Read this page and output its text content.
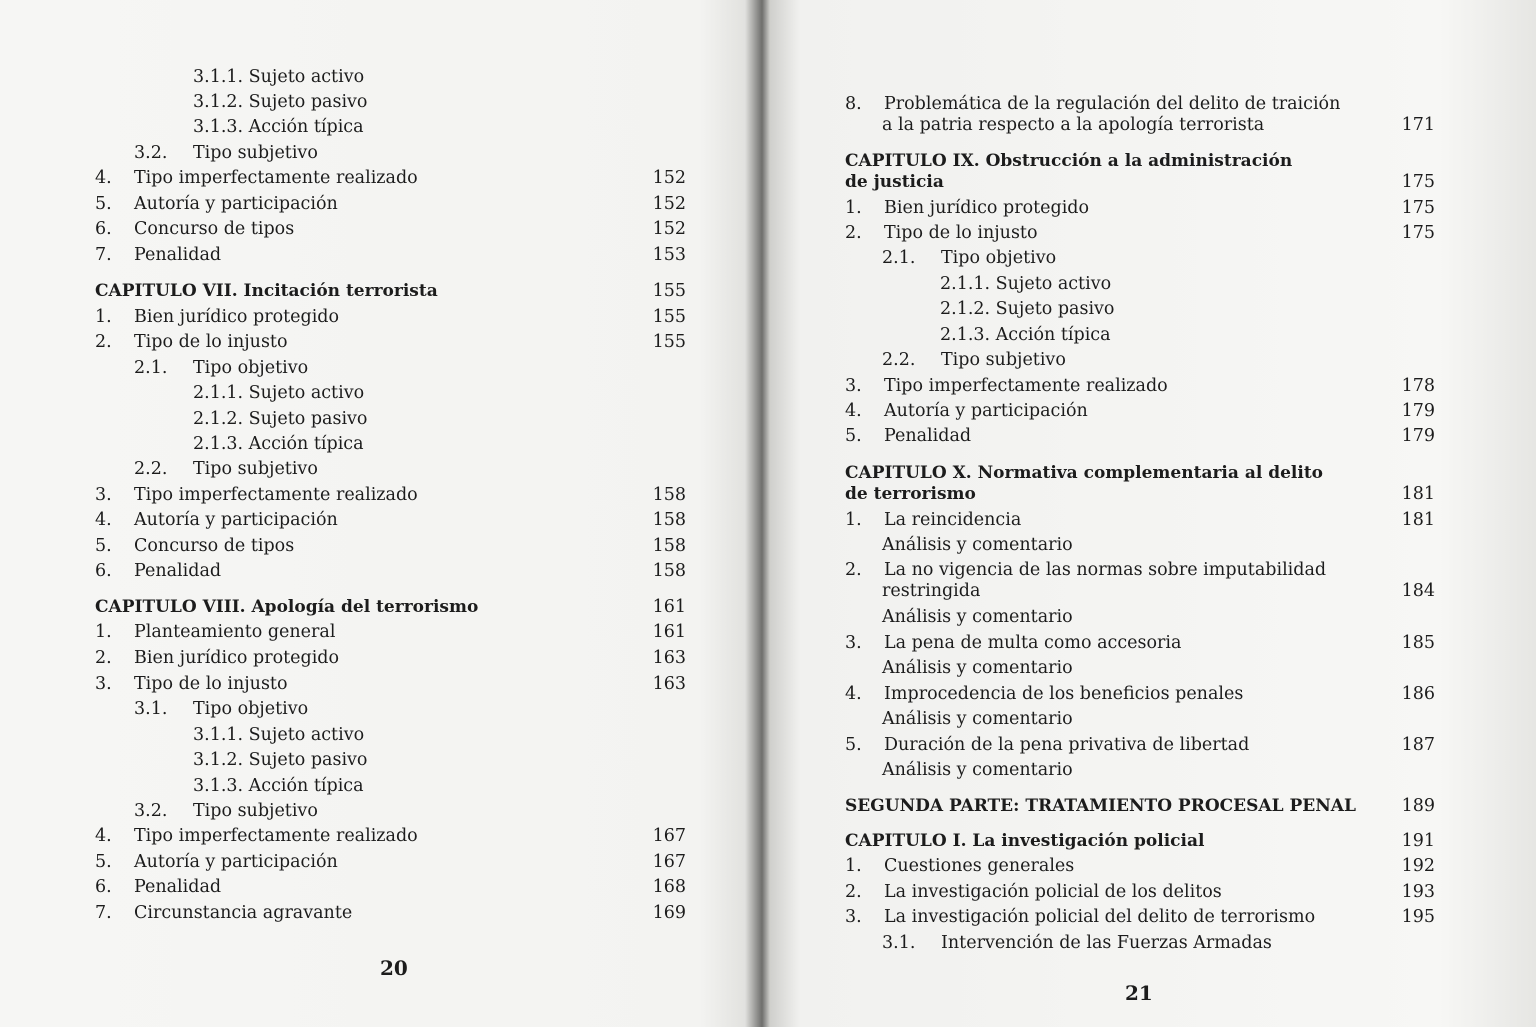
3.1.1. Sujeto activo
3.1.2. Sujeto pasivo
3.1.3. Acción típica
3.2.	Tipo subjetivo
4.	Tipo imperfectamente realizado	152
5.	Autoría y participación	152
6.	Concurso de tipos	152
7.	Penalidad	153
CAPITULO VII. Incitación terrorista	155
1.	Bien jurídico protegido	155
2.	Tipo de lo injusto	155
2.1.	Tipo objetivo
2.1.1. Sujeto activo
2.1.2. Sujeto pasivo
2.1.3. Acción típica
2.2.	Tipo subjetivo
3.	Tipo imperfectamente realizado	158
4.	Autoría y participación	158
5.	Concurso de tipos	158
6.	Penalidad	158
CAPITULO VIII. Apología del terrorismo	161
1.	Planteamiento general	161
2.	Bien jurídico protegido	163
3.	Tipo de lo injusto	163
3.1.	Tipo objetivo
3.1.1. Sujeto activo
3.1.2. Sujeto pasivo
3.1.3. Acción típica
3.2.	Tipo subjetivo
4.	Tipo imperfectamente realizado	167
5.	Autoría y participación	167
6.	Penalidad	168
7.	Circunstancia agravante	169
8.	Problemática de la regulación del delito de traición
a la patria respecto a la apología terrorista	171
CAPITULO IX. Obstrucción a la administración
de justicia	175
1.	Bien jurídico protegido	175
2.	Tipo de lo injusto	175
2.1.	Tipo objetivo
2.1.1. Sujeto activo
2.1.2. Sujeto pasivo
2.1.3. Acción típica
2.2.	Tipo subjetivo
3.	Tipo imperfectamente realizado	178
4.	Autoría y participación	179
5.	Penalidad	179
CAPITULO X. Normativa complementaria al delito
de terrorismo	181
1.	La reincidencia	181
Análisis y comentario
2.	La no vigencia de las normas sobre imputabilidad
restringida	184
Análisis y comentario
3.	La pena de multa como accesoria	185
Análisis y comentario
4.	Improcedencia de los beneficios penales	186
Análisis y comentario
5.	Duración de la pena privativa de libertad	187
Análisis y comentario
SEGUNDA PARTE: TRATAMIENTO PROCESAL PENAL	189
CAPITULO I. La investigación policial	191
1.	Cuestiones generales	192
2.	La investigación policial de los delitos	193
3.	La investigación policial del delito de terrorismo	195
3.1.	Intervención de las Fuerzas Armadas
20
21
